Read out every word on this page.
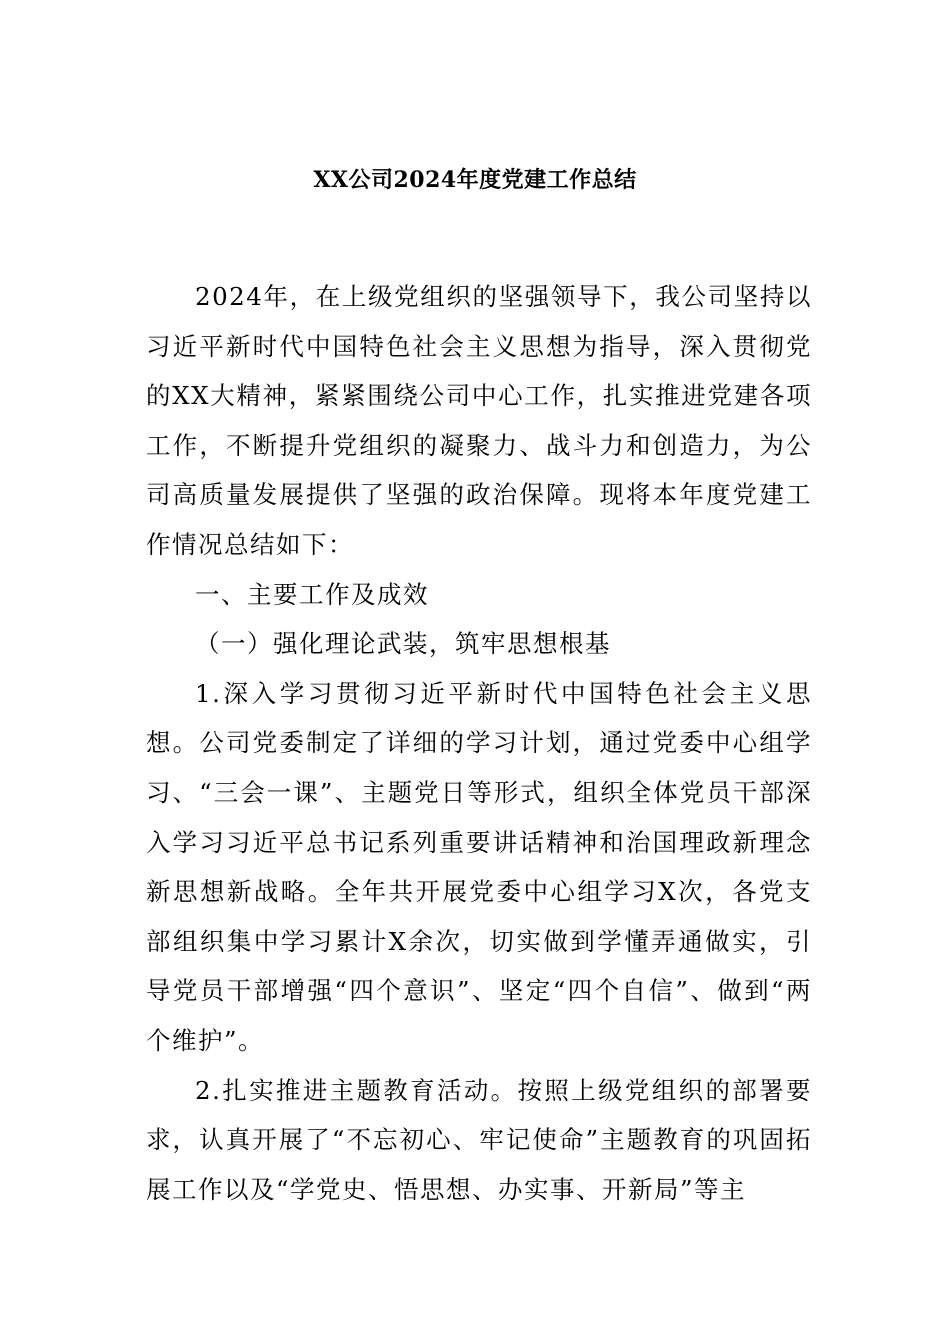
XX公司2024年度党建工作总结

2024年，在上级党组织的坚强领导下，我公司坚持以习近平新时代中国特色社会主义思想为指导，深入贯彻党的XX大精神，紧紧围绕公司中心工作，扎实推进党建各项工作，不断提升党组织的凝聚力、战斗力和创造力，为公司高质量发展提供了坚强的政治保障。现将本年度党建工作情况总结如下：

一、主要工作及成效

（一）强化理论武装，筑牢思想根基

1.深入学习贯彻习近平新时代中国特色社会主义思想。公司党委制定了详细的学习计划，通过党委中心组学习、“三会一课”、主题党日等形式，组织全体党员干部深入学习习近平总书记系列重要讲话精神和治国理政新理念新思想新战略。全年共开展党委中心组学习X次，各党支部组织集中学习累计X余次，切实做到学懂弄通做实，引导党员干部增强“四个意识”、坚定“四个自信”、做到“两个维护”。

2.扎实推进主题教育活动。按照上级党组织的部署要求，认真开展了“不忘初心、牢记使命”主题教育的巩固拓展工作以及“学党史、悟思想、办实事、开新局”等主
